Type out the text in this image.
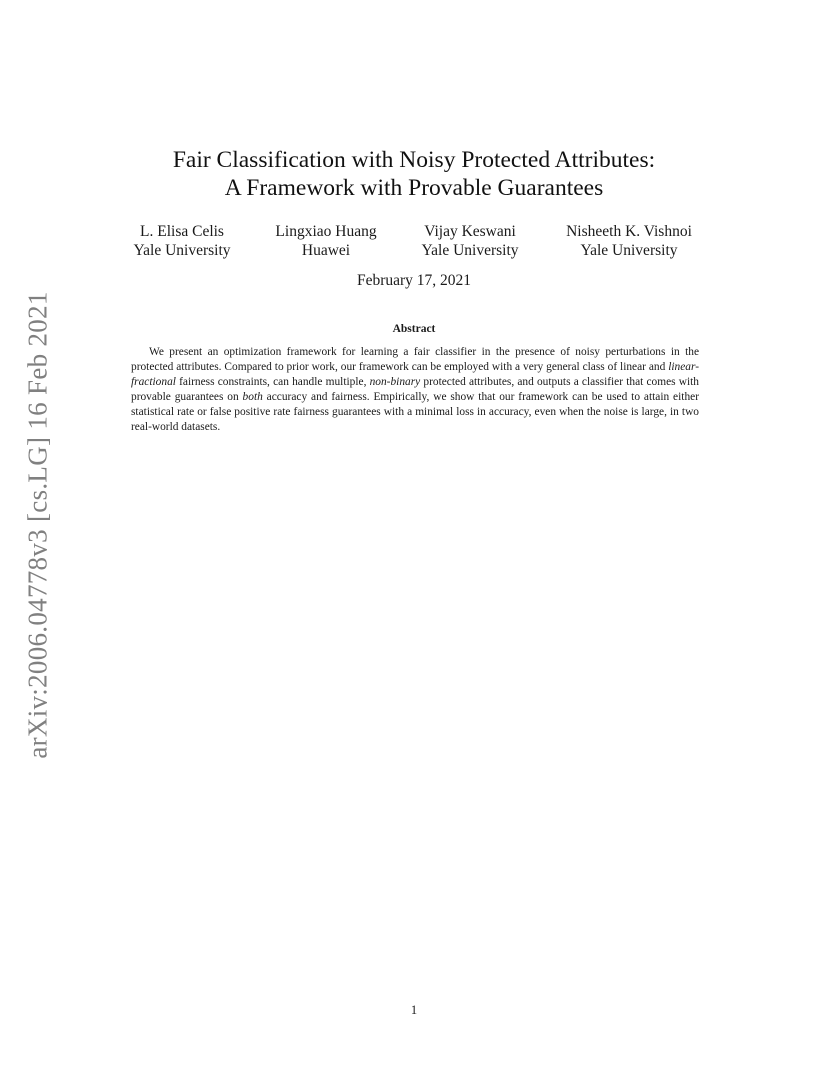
arXiv:2006.04778v3 [cs.LG] 16 Feb 2021
Fair Classification with Noisy Protected Attributes:
A Framework with Provable Guarantees
L. Elisa Celis
Yale University
Lingxiao Huang
Huawei
Vijay Keswani
Yale University
Nisheeth K. Vishnoi
Yale University
February 17, 2021
Abstract

We present an optimization framework for learning a fair classifier in the presence of noisy perturbations in the protected attributes. Compared to prior work, our framework can be employed with a very general class of linear and linear-fractional fairness constraints, can handle multiple, non-binary protected attributes, and outputs a classifier that comes with provable guarantees on both accuracy and fairness. Empirically, we show that our framework can be used to attain either statistical rate or false positive rate fairness guarantees with a minimal loss in accuracy, even when the noise is large, in two real-world datasets.

1
